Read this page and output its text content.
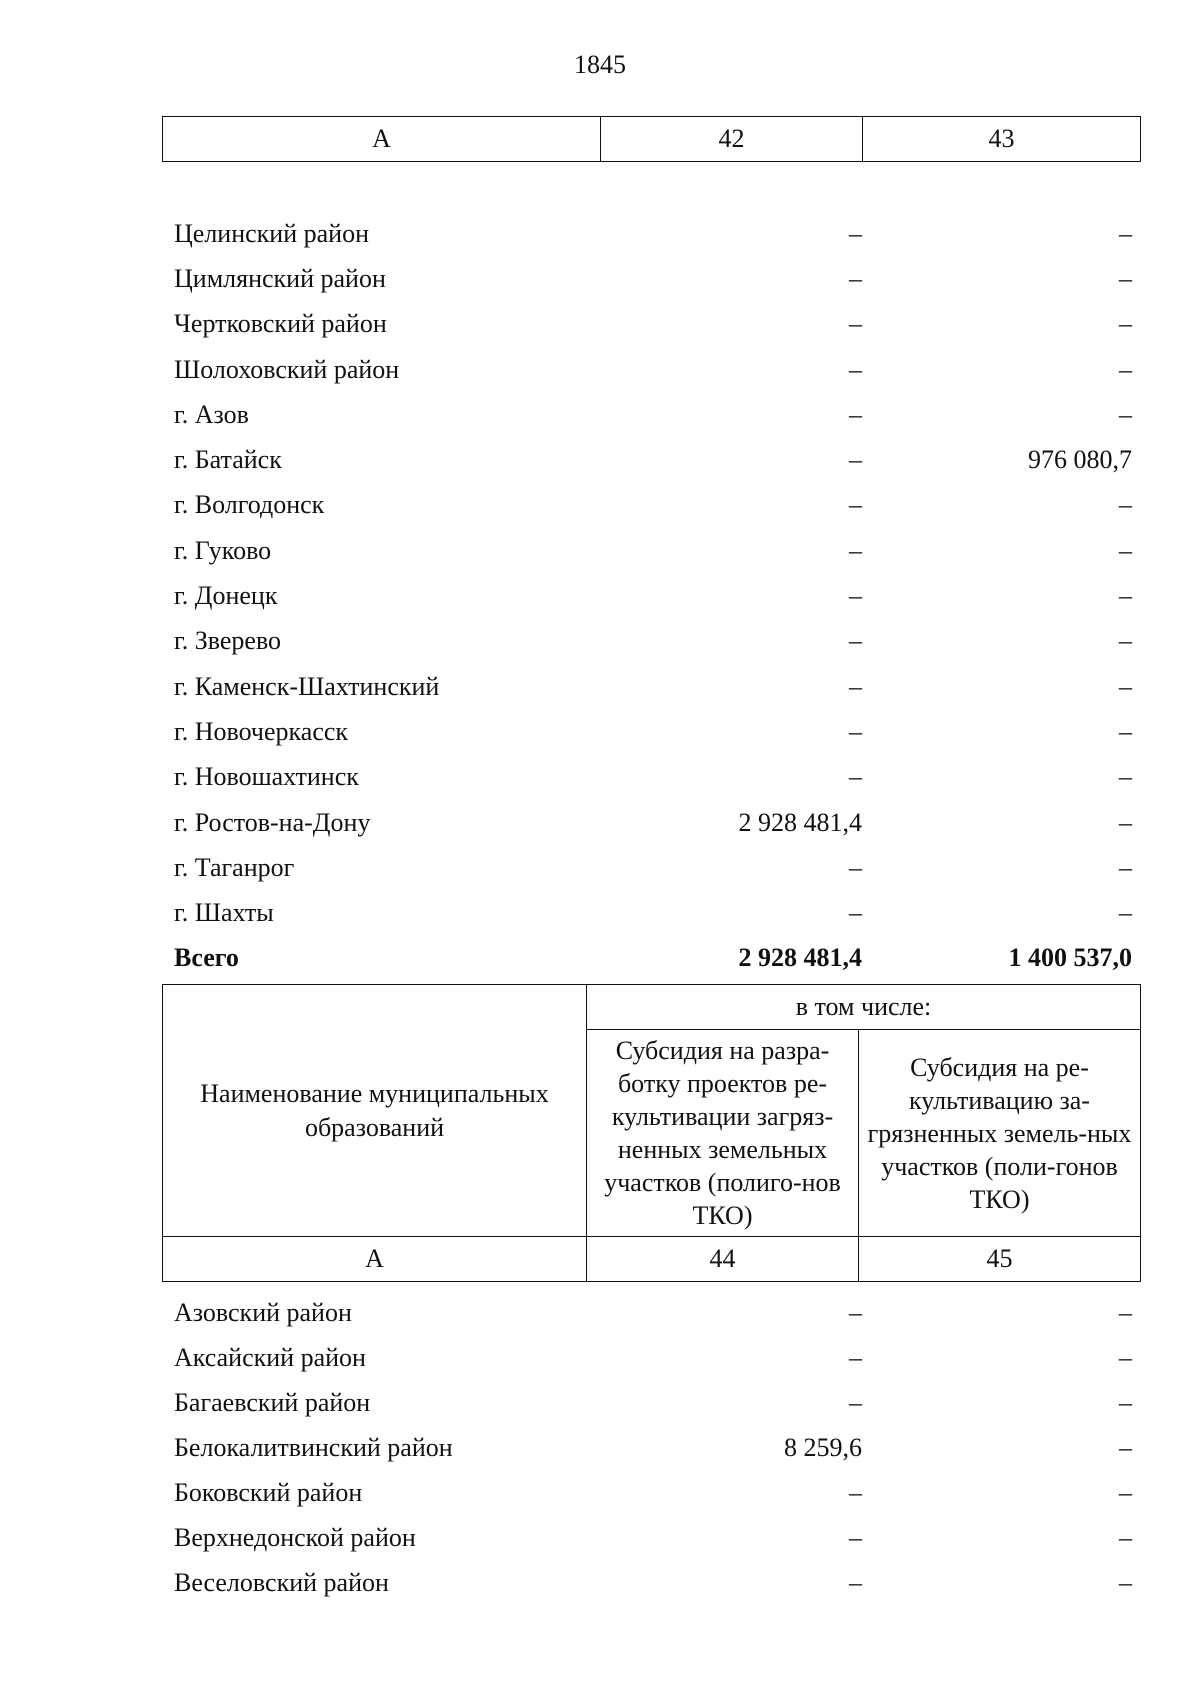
1845
А	42	43
Целинский район	–	–
Цимлянский район	–	–
Чертковский район	–	–
Шолоховский район	–	–
г. Азов	–	–
г. Батайск	–	976 080,7
г. Волгодонск	–	–
г. Гуково	–	–
г. Донецк	–	–
г. Зверево	–	–
г. Каменск-Шахтинский	–	–
г. Новочеркасск	–	–
г. Новошахтинск	–	–
г. Ростов-на-Дону	2 928 481,4	–
г. Таганрог	–	–
г. Шахты	–	–
Всего	2 928 481,4	1 400 537,0
Наименование муниципальных образований	в том числе:	
	Субсидия на разра-ботку проектов ре-культивации загряз-ненных земельных участков (полиго-нов ТКО)	Субсидия на ре-культивацию за-грязненных земель-ных участков (поли-гонов ТКО)
А	44	45
Азовский район	–	–
Аксайский район	–	–
Багаевский район	–	–
Белокалитвинский район	8 259,6	–
Боковский район	–	–
Верхнедонской район	–	–
Веселовский район	–	–
